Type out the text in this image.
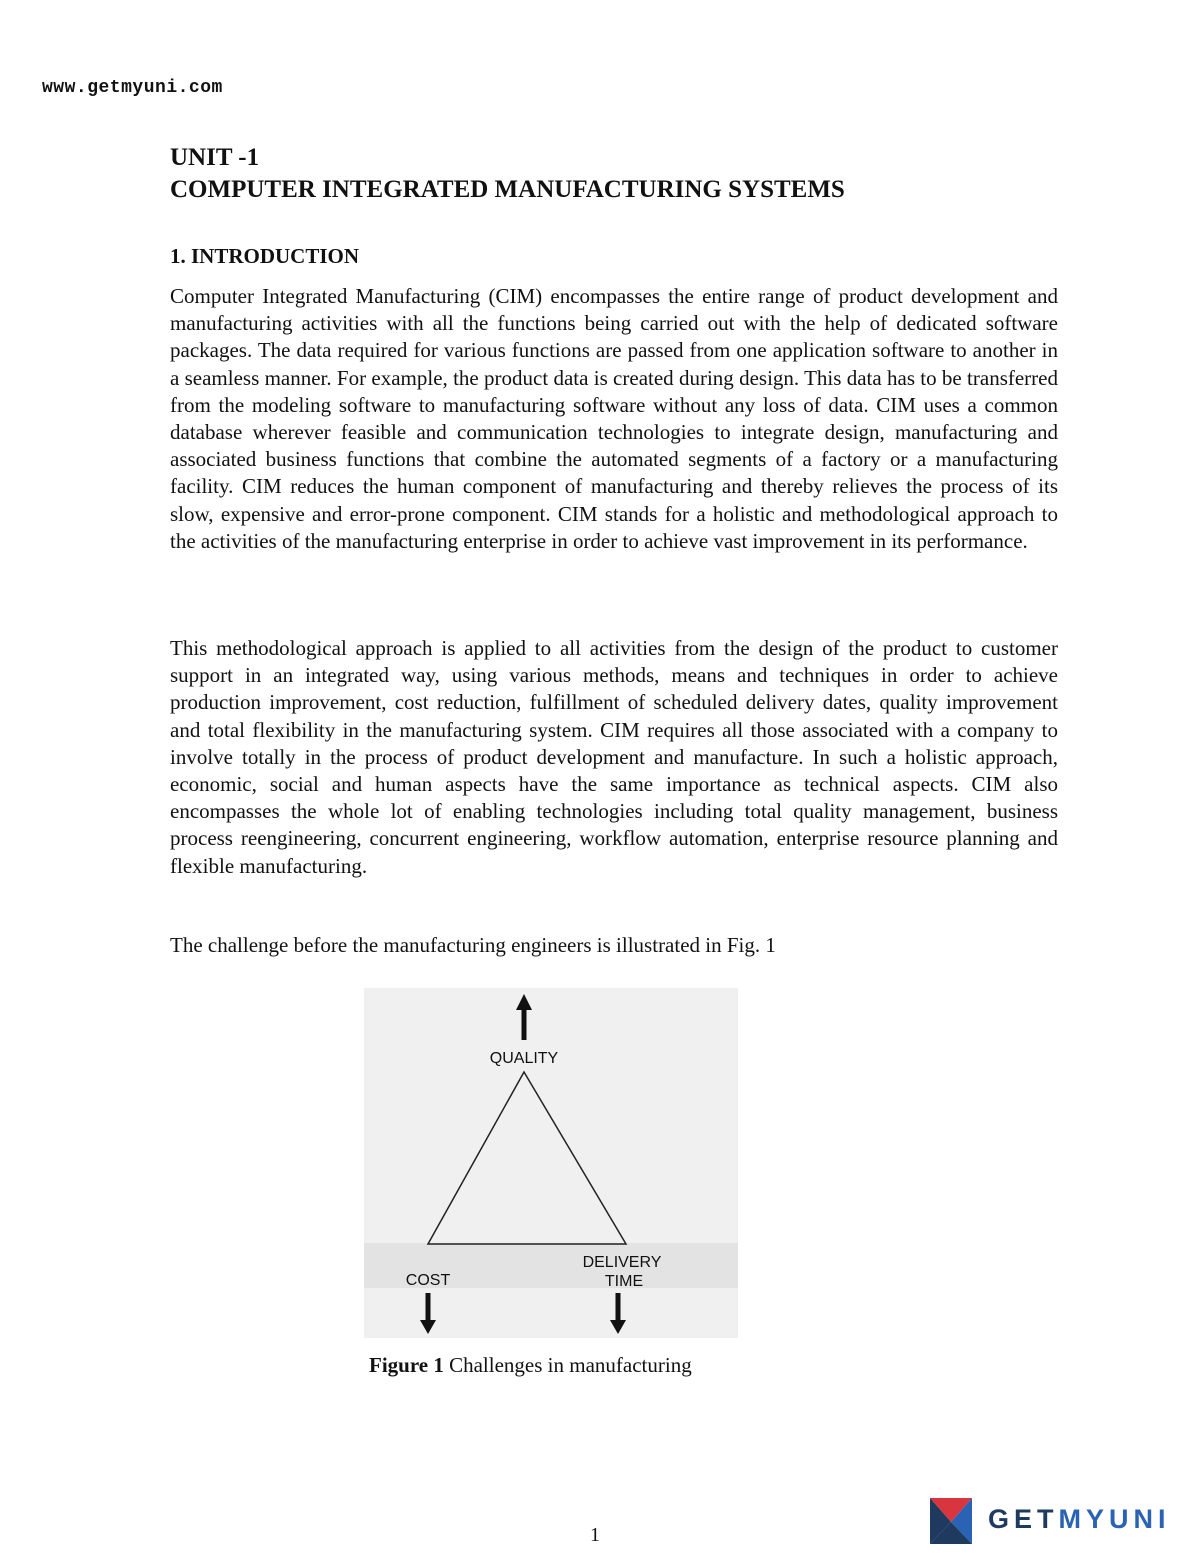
www.getmyuni.com

UNIT -1

COMPUTER INTEGRATED MANUFACTURING SYSTEMS

1. INTRODUCTION

Computer Integrated Manufacturing (CIM) encompasses the entire range of product development and manufacturing activities with all the functions being carried out with the help of dedicated software packages. The data required for various functions are passed from one application software to another in a seamless manner. For example, the product data is created during design. This data has to be transferred from the modeling software to manufacturing software without any loss of data. CIM uses a common database wherever feasible and communication technologies to integrate design, manufacturing and associated business functions that combine the automated segments of a factory or a manufacturing facility. CIM reduces the human component of manufacturing and thereby relieves the process of its slow, expensive and error-prone component. CIM stands for a holistic and methodological approach to the activities of the manufacturing enterprise in order to achieve vast improvement in its performance.

This methodological approach is applied to all activities from the design of the product to customer support in an integrated way, using various methods, means and techniques in order to achieve production improvement, cost reduction, fulfillment of scheduled delivery dates, quality improvement and total flexibility in the manufacturing system. CIM requires all those associated with a company to involve totally in the process of product development and manufacture. In such a holistic approach, economic, social and human aspects have the same importance as technical aspects. CIM also encompasses the whole lot of enabling technologies including total quality management, business process reengineering, concurrent engineering, workflow automation, enterprise resource planning and flexible manufacturing.

The challenge before the manufacturing engineers is illustrated in Fig. 1

QUALITY
COST
DELIVERY
TIME
Figure 1 Challenges in manufacturing
1
GETMYUNI
